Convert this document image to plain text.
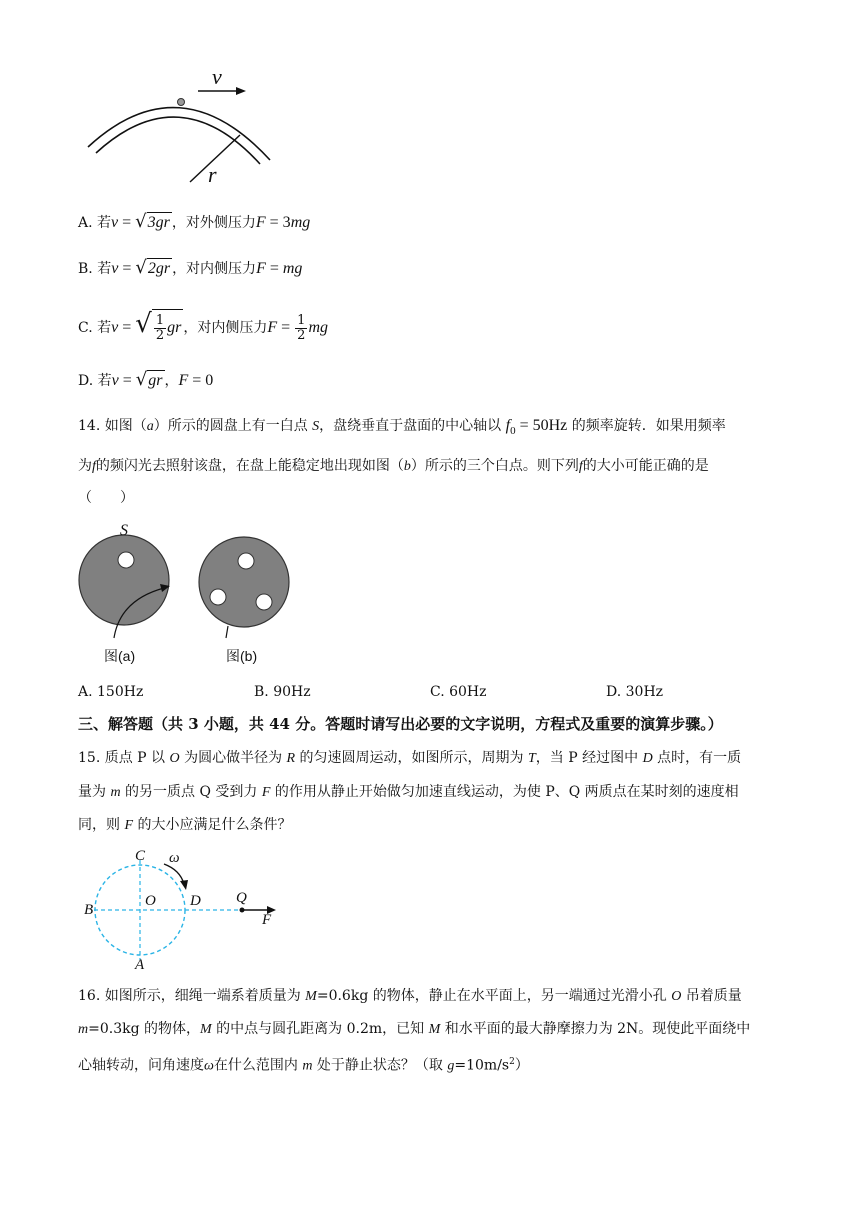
v
r
A. 若v = √3gr ，对外侧压力F = 3mg
B. 若v = √2gr ，对内侧压力F = mg
C. 若v = √ $\frac{1}{2}$ gr ，对内侧压力$F = \frac{1}{2}$ mg
D. 若v = √gr ，F = 0
14. 如图（a）所示的圆盘上有一白点 S，盘绕垂直于盘面的中心轴以 $f_0 = 50Hz$ 的频率旋转．如果用频率
为f的频闪光去照射该盘，在盘上能稳定地出现如图（b）所示的三个白点。则下列f的大小可能正确的是
（　　）
S
图(a)	图(b)
A. 150Hz	B. 90Hz	C. 60Hz	D. 30Hz
三、解答题（共 3 小题，共 44 分。答题时请写出必要的文字说明，方程式及重要的演算步骤。）
15. 质点 P 以 O 为圆心做半径为 R 的匀速圆周运动，如图所示，周期为 T，当 P 经过图中 D 点时，有一质
量为 m 的另一质点 Q 受到力 F 的作用从静止开始做匀加速直线运动，为使 P、Q 两质点在某时刻的速度相
同，则 F 的大小应满足什么条件？
C ω
B
O D Q
F
A
16. 如图所示，细绳一端系着质量为 M=0.6kg 的物体，静止在水平面上，另一端通过光滑小孔 O 吊着质量
m=0.3kg 的物体，M 的中点与圆孔距离为 0.2m，已知 M 和水平面的最大静摩擦力为 2N。现使此平面绕中
心轴转动，问角速度ω在什么范围内 m 处于静止状态？（取 $g=10m/s^2$）
